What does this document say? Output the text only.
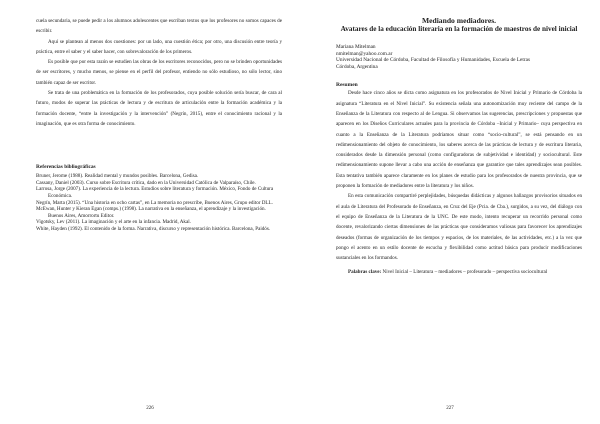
cuela secundaria, se puede pedir a los alumnos adolescentes que escriban textos que los profesores no somos capaces de escribir.

Aquí se plantean al menos dos cuestiones: por un lado, una cuestión ética; por otro, una discusión entre teoría y práctica, entre el saber y el saber hacer, con sobrevaloración de los primeros.

Es posible que por esta razón se estudien las obras de los escritores reconocidos, pero no se brinden oportunidades de ser escritores, y mucho menos, se piense en el perfil del profesor, entiendo no sólo estudioso, no sólo lector, sino también capaz de ser escritor.

Se trata de una problemática en la formación de los profesorados, cuya posible solución sería buscar, de cara al futuro, modos de superar las prácticas de lectura y de escritura de articulación entre la formación académica y la formación docente, “entre la investigación y la intervención” (Negrín, 2015), entre el conocimiento racional y la imaginación, que es otra forma de conocimiento.

Referencias bibliográficas

Bruner, Jerome (1988). Realidad mental y mundos posibles. Barcelona, Gedisa.

Cassany, Daniel (2003). Curso sobre Escritura crítica, dado en la Universidad Católica de Valparaíso, Chile.

Larrosa, Jorge (2007). La experiencia de la lectura. Estudios sobre literatura y formación. México, Fondo de Cultura Económica.

Negrín, Marta (2015). “Una historia en ocho cartas”, en La memoria no prescribe, Buenos Aires, Grupo editor DLL.

McEwan, Hunter y Kieran Egan (comps.) (1998). La narrativa en la enseñanza, el aprendizaje y la investigación. Buenos Aires, Amorrortu Editor.

Vigotsky, Lev (2011). La imaginación y el arte en la infancia. Madrid, Akal.

White, Hayden (1992). El contenido de la forma. Narrativa, discurso y representación histórica. Barcelona, Paidós.

226
Mediando mediadores.
Avatares de la educación literaria en la formación de maestros de nivel inicial
Mariana Mitelman
nmitelman@yahoo.com.ar
Universidad Nacional de Córdoba, Facultad de Filosofía y Humanidades, Escuela de Letras
Córdoba, Argentina
Resumen

Desde hace cinco años se dicta como asignatura en los profesorados de Nivel Inicial y Primario de Córdoba la asignatura “Literatura en el Nivel Inicial”. Su existencia señala una autonomización muy reciente del campo de la Enseñanza de la Literatura con respecto al de Lengua. Si observamos las sugerencias, prescripciones y propuestas que aparecen en los Diseños Curriculares actuales para la provincia de Córdoba –Inicial y Primario– cuya perspectiva en cuanto a la Enseñanza de la Literatura podríamos situar como “socio-cultural”, se está pensando en un redimensionamiento del objeto de conocimiento, los saberes acerca de las prácticas de lectura y de escritura literaria, considerados desde la dimensión personal (como configuradoras de subjetividad e identidad) y sociocultural. Este redimensionamiento supone llevar a cabo una acción de enseñanza que garantice que tales aprendizajes sean posibles. Esta tentativa también aparece claramente en los planes de estudio para los profesorados de nuestra provincia, que se proponen la formación de mediadores entre la literatura y los niños.

En esta comunicación compartiré perplejidades, búsquedas didácticas y algunos hallazgos provisorios situados en el aula de Literatura del Profesorado de Enseñanza, en Cruz del Eje (Pcia. de Cba.), surgidos, a su vez, del diálogo con el equipo de Enseñanza de la Literatura de la UNC. De este modo, intento recuperar un recorrido personal como docente, revalorizando ciertas dimensiones de las prácticas que consideramos valiosas para favorecer los aprendizajes deseados (formas de organización de los tiempos y espacios, de los materiales, de las actividades, etc.) a la vez que pongo el acento en un estilo docente de escucha y flexibilidad como actitud básica para producir modificaciones sustanciales en los formandos.

Palabras clave: Nivel Inicial – Literatura – mediadores – profesorado – perspectiva sociocultural

227
